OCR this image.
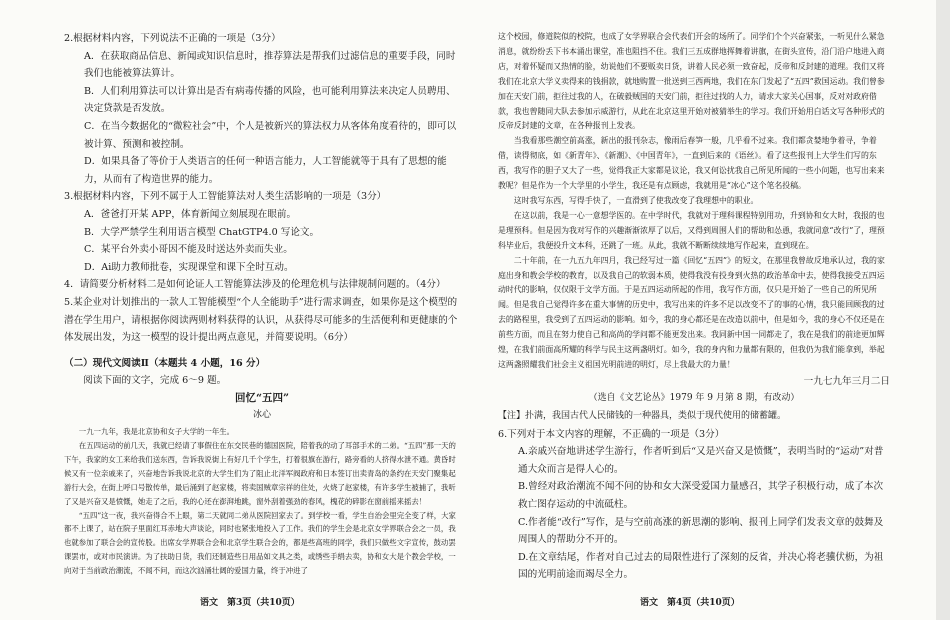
2.根据材料内容，下列说法不正确的一项是（3分）

A．在获取商品信息、新闻或知识信息时，推荐算法是帮我们过滤信息的重要手段，同时我们也能被算法算计。

B．人们利用算法可以计算出是否有病毒传播的风险，也可能利用算法来决定人员聘用、决定贷款是否发放。

C．在当今数据化的“微粒社会”中，个人是被新兴的算法权力从客体角度看待的，即可以被计算、预测和被控制。

D．如果具备了等价于人类语言的任何一种语言能力，人工智能就等于具有了思想的能力，从而有了构造世界的能力。

3.根据材料内容，下列不属于人工智能算法对人类生活影响的一项是（3分）

A．爸爸打开某 APP，体育新闻立刻展现在眼前。

B．大学严禁学生利用语言模型 ChatGTP4.0 写论文。

C．某平台外卖小哥因不能及时送达外卖而失业。

D．Ai助力教师批卷，实现课堂和课下全时互动。

4．请简要分析材料二是如何论证人工智能算法涉及的伦理危机与法律规制问题的。（4分）

5.某企业对计划推出的一款人工智能模型“个人全能助手”进行需求调查，如果你是这个模型的潜在学生用户，请根据你阅读两则材料获得的认识，从获得尽可能多的生活便利和更健康的个体发展出发，为这一模型的设计提出两点意见，并简要说明。（6分）

（二）现代文阅读Ⅱ（本题共 4 小题，16 分）

阅读下面的文字，完成 6～9 题。

回忆“五四”

冰心

一九一九年，我是北京协和女子大学的一年生。

在五四运动的前几天，我就已经请了事假住在东交民巷的德国医院，陪着我的动了耳部手术的二弟。“五四”那一天的下午，我家的女工来给我们送东西，告诉我说街上有好几千个学生，打着很旗在游行，路旁看的人挤得水泄不通。黄昏时候又有一位亲戚来了，兴奋地告诉我说北京的大学生们为了阻止北洋军阀政府和日本签订出卖青岛的条约在天安门聚集起游行大会，在街上呼口号散传单，最后涌到了赵家楼，将卖国贼章宗祥的住处，火烧了赵家楼，有许多学生被捕了，我听了又是兴奋又是愤慨，她走了之后，我的心还在澎湃地跳，窗外刮着强劲的春风，槐花的碎影在窗前摇来摇去！

“五四”这一夜，我兴奋得合不上眼，第二天就同二弟从医院回家去了。到学校一看，学生自治会里完全变了样，大家都不上课了，站在院子里面红耳赤地大声谈论，同时也紧张地投入了工作。我们的学生会是北京女学界联合会之一员，我也就参加了联合会的宣传股。出席女学界联合会和北京学生联合会的，都是些高班的同学，我们只做些文字宣传，鼓动罢课罢市，或对市民演讲。为了扶助日货，我们还制造些日用品如文具之类，或绣些手绢去卖，协和女大是个教会学校，一向对于当前政治潮流，不闻不问，而这次汹涌壮阔的爱国力量，终于冲进了

这个校园，修道院似的校院，也成了女学界联合会代表们开会的场所了。同学们个个兴奋紧张，一听见什么紧急消息，就纷纷丢下书本涌出课堂，准也阻挡不住。我们三五成群地挥舞着讲旗，在街头宣传，沿门沿户地进入商店，对着怀疑而又热情的脸，幼说他们不要贩卖日货，讲着人民必须一致奋起，反帝和反封建的道理。我们又将我们在北京大学义卖得来的钱捐款，就地购置一批送到三西两地，我们在东门发起了“五四”救国运动。我们曾参加在天安门前，拒往过我的人，在破毅贼国的天安门前，拒往过找的人力，请求大家关心国事，反对对政府借款，我也曾随同大队去参加示威游行，从此在北京这里开始对被猜举生的学习。我们开始用白话文写各种形式的反帝反封建的文章，在各种报刊上发表。

当我看那些潮空前高涨，新出的报刊杂志，像雨后春笋一般，几乎看不过来。我们都贪婪地争着寻，争着借，读得彻底，如《新青年》、《新潮》、《中国青年》，一直到后来的《语丝》。看了这些报刊上大学生们写的东西，我写作的胆子又大了一些，觉得我正大家都是议论，我又何讼扰我自己所见所闻的一些小问题，也写出来来教呢？但是作为一个大学里的小学生，我还是有点顾虑，我就用是“冰心”这个笔名投稿。

这时我写东西，写得手快了，一直滑到了使我改变了我理想中的职业。

在这以前，我是一心一意想学医的。在中学时代，我就对于理科课程特别用功，升到协和女大时，我报的也是理预科。但是因为我对写作的兴趣渐渐浓厚了以后，又得到周围人们的帮助和怂恿，我就同意“改行”了，理预科毕业后，我便投升文本科，还跳了一班。从此，我就不断断续续地写作起来，直到现在。

二十年前，在一九五九年四月，我已经写过一篇《回忆“五四”》的短文，在那里我曾故反地承认过，我的家庭出身和教会学校的教育，以及我自己的软弱本质，使得我没有投身到火热的政治革命中去，使得我接受五四运动时代的影响，仅仅限于文学方面。于是五四运动所起的作用，我写作方面，仅只是开始了一些自己的所见所闻。但是我自己觉得许多在重大事情的历史中，我写出来的许多不足以改变不了的事的心情，我只能回顾我的过去的路程里，我受到了五四运动的影响。如今，我的身心都还是在改造以前中，但是如今，我的身心不仅还是在前些方面，而且在努力使自己和高尚的学问都不能更发出来。我同新中国一同都走了，我在是我们的前途更加辉煌，在我们前面高所耀的科学与民主这两盏明灯。如今，我的身内和力量都有限的，但我仍为我们能拿到，举起这两盏照耀我们社会主义祖国光明前进的明灯，尽上我最大的力量！

一九七九年三月二日

（选自《文艺论丛》1979 年 9 月第 8 期，有改动）

【注】扑满，我国古代人民储钱的一种器具，类似于现代使用的储蓄罐。

6.下列对于本文内容的理解，不正确的一项是（3分）

A.亲戚兴奋地讲述学生游行，作者听到后“又是兴奋又是愤慨”，表明当时的“运动”对普通大众而言是得人心的。

B.曾经对政治潮流不闻不问的协和女大深受爱国力量感召，其学子积极行动，成了本次救亡图存运动的中流砥柱。

C.作者能“改行”写作，是与空前高涨的新思潮的影响、报刊上同学们发表文章的鼓舞及周围人的帮助分不开的。

D.在文章结尾，作者对自己过去的局限性进行了深刻的反省，并决心将老骥伏枥，为祖国的光明前途而竭尽全力。

语文　第3页（共10页）	语文　第4页（共10页）
